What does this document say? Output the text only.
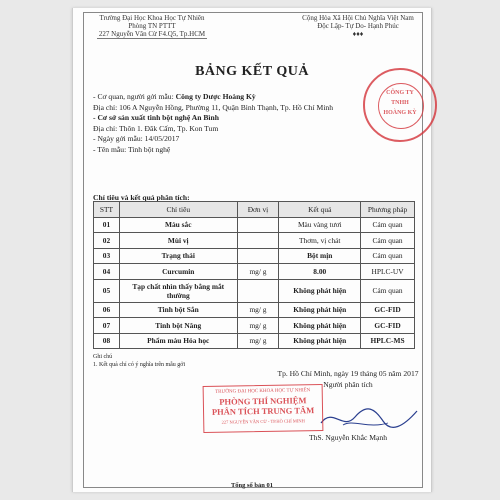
Trường Đại Học Khoa Học Tự Nhiên
Phòng TN PTTT
227 Nguyễn Văn Cừ F4.Q5, Tp.HCM
Cộng Hòa Xã Hội Chủ Nghĩa Việt Nam
Độc Lập- Tự Do- Hạnh Phúc
♦♦♦
BẢNG KẾT QUẢ
- Cơ quan, người gởi mẫu: Công ty Dược Hoàng Kỳ
Địa chỉ: 106 A Nguyễn Hồng, Phường 11, Quận Bình Thạnh, Tp. Hồ Chí Minh
- Cơ sở sản xuất tinh bột nghệ An Bình
Địa chỉ: Thôn 1. Đăk Cấm, Tp. Kon Tum
- Ngày gởi mẫu: 14/05/2017
- Tên mẫu: Tinh bột nghệ
Chỉ tiêu và kết quả phân tích:
STT	Chỉ tiêu	Đơn vị	Kết quả	Phương pháp
01	Màu sắc		Màu vàng tươi	Cảm quan
02	Mùi vị		Thơm, vị chát	Cảm quan
03	Trạng thái		Bột mịn	Cảm quan
04	Curcumin	mg/ g	8.00	HPLC-UV
05	Tạp chất nhìn thấy bằng mắt thường		Không phát hiện	Cảm quan
06	Tinh bột Sắn	mg/ g	Không phát hiện	GC-FID
07	Tinh bột Năng	mg/ g	Không phát hiện	GC-FID
08	Phẩm màu Hóa học	mg/ g	Không phát hiện	HPLC-MS
Ghi chú
1. Kết quả chỉ có ý nghĩa trên mẫu gởi
Tp. Hồ Chí Minh, ngày 19 tháng 05 năm 2017
Người phân tích
ThS. Nguyễn Khắc Mạnh
CÔNG TY
TNHH
HOÀNG KỲ
TRƯỜNG ĐẠI HỌC KHOA HỌC TỰ NHIÊN
PHÒNG THÍ NGHIỆM
PHÂN TÍCH TRUNG TÂM
227 NGUYỄN VĂN CỪ - TP.HỒ CHÍ MINH
Tổng số bản 01
